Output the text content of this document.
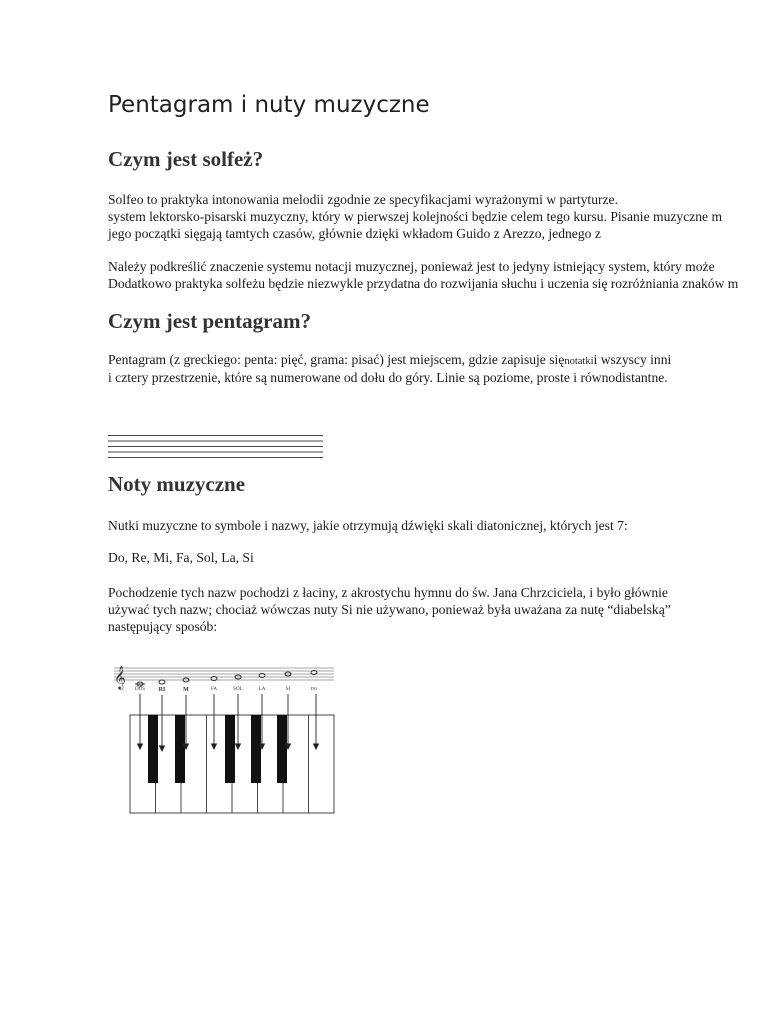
Pentagram i nuty muzyczne
Czym jest solfeż?

Solfeo to praktyka intonowania melodii zgodnie ze specyfikacjami wyrażonymi w partyturze.

system lektorsko-pisarski muzyczny, który w pierwszej kolejności będzie celem tego kursu. Pisanie muzyczne m

jego początki sięgają tamtych czasów, głównie dzięki wkładom Guido z Arezzo, jednego z

Należy podkreślić znaczenie systemu notacji muzycznej, ponieważ jest to jedyny istniejący system, który może

Dodatkowo praktyka solfeżu będzie niezwykle przydatna do rozwijania słuchu i uczenia się rozróżniania znaków m

Czym jest pentagram?

Pentagram (z greckiego: penta: pięć, grama: pisać) jest miejscem, gdzie zapisuje sięnotatkii wszyscy inni

i cztery przestrzenie, które są numerowane od dołu do góry. Linie są poziome, proste i równodistantne.

Noty muzyczne

Nutki muzyczne to symbole i nazwy, jakie otrzymują dźwięki skali diatonicznej, których jest 7:

Do, Re, Mi, Fa, Sol, La, Si

Pochodzenie tych nazw pochodzi z łaciny, z akrostychu hymnu do św. Jana Chrzciciela, i było głównie

używać tych nazw; chociaż wówczas nuty Si nie używano, ponieważ była uważana za nutę “diabelską”

następujący sposób:

𝄞
DOS RI	M	FA	SOL	LA	SI	DO
